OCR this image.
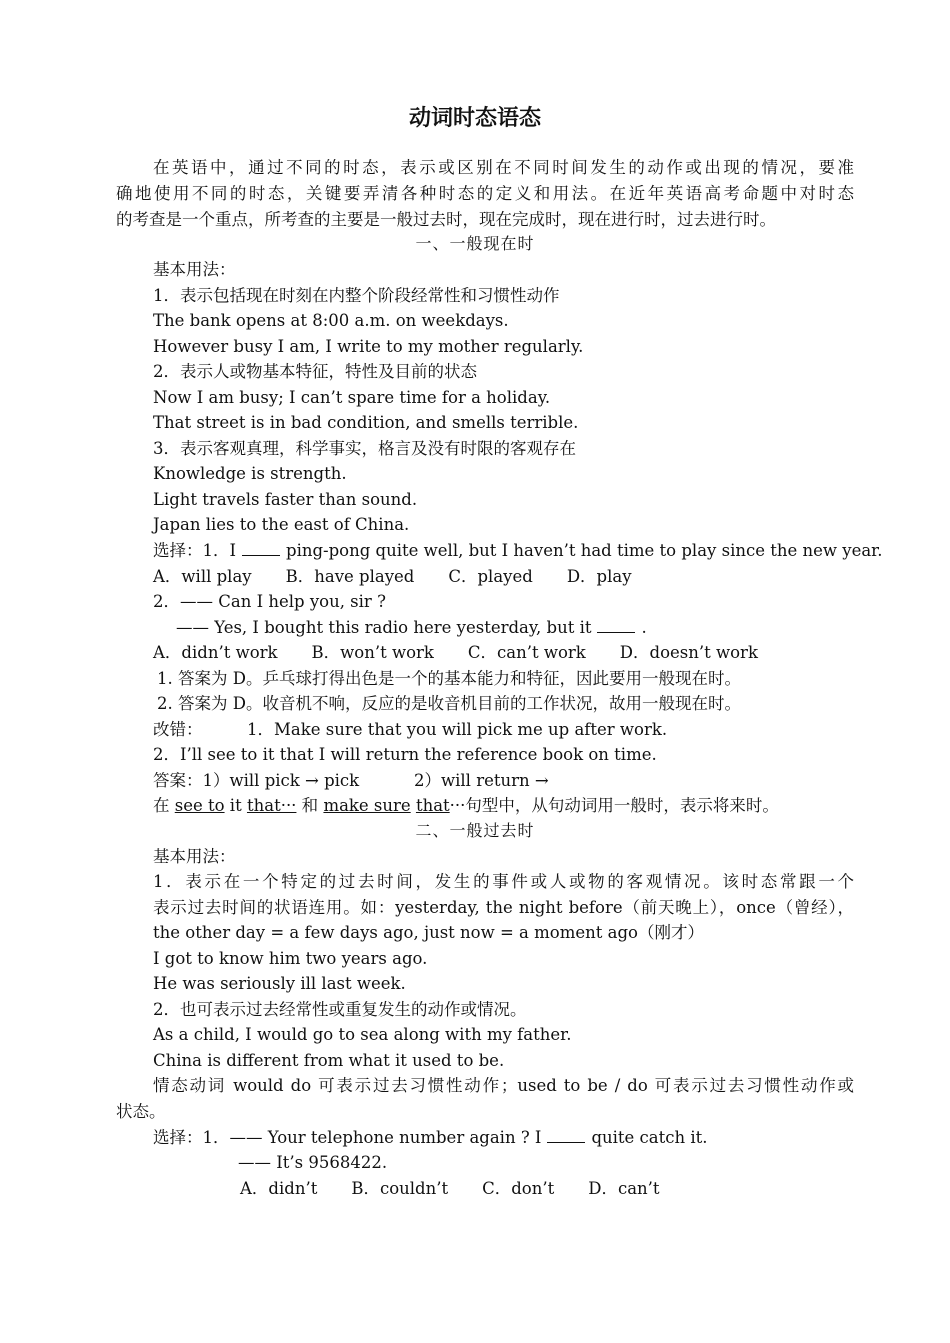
动词时态语态
在英语中，通过不同的时态，表示或区别在不同时间发生的动作或出现的情况，要准
确地使用不同的时态，关键要弄清各种时态的定义和用法。在近年英语高考命题中对时态
的考查是一个重点，所考查的主要是一般过去时，现在完成时，现在进行时，过去进行时。
一、一般现在时
基本用法：
1．表示包括现在时刻在内整个阶段经常性和习惯性动作
The bank opens at 8:00 a.m. on weekdays.
However busy I am, I write to my mother regularly.
2．表示人或物基本特征，特性及目前的状态
Now I am busy; I can’t spare time for a holiday.
That street is in bad condition, and smells terrible.
3．表示客观真理，科学事实，格言及没有时限的客观存在
Knowledge is strength.
Light travels faster than sound.
Japan lies to the east of China.
选择：1．I	ping-pong quite well, but I haven’t had time to play since the new year.
A．will play B．have played C．played D．play
2．—— Can I help you, sir ?
—— Yes, I bought this radio here yesterday, but it	.
A．didn’t work B．won’t work C．can’t work D．doesn’t work
1. 答案为 D。乒乓球打得出色是一个的基本能力和特征，因此要用一般现在时。
2. 答案为 D。收音机不响，反应的是收音机目前的工作状况，故用一般现在时。
改错：	1．Make sure that you will pick me up after work.
2．I’ll see to it that I will return the reference book on time.
答案：1）will pick → pick	2）will return →
在 see to it that··· 和 make sure that···句型中，从句动词用一般时，表示将来时。
二、一般过去时
基本用法：
1．表示在一个特定的过去时间，发生的事件或人或物的客观情况。该时态常跟一个
表示过去时间的状语连用。如：yesterday, the night before（前天晚上），once（曾经），
the other day = a few days ago, just now = a moment ago（刚才）
I got to know him two years ago.
He was seriously ill last week.
2．也可表示过去经常性或重复发生的动作或情况。
As a child, I would go to sea along with my father.
China is different from what it used to be.
情态动词 would do 可表示过去习惯性动作；used to be / do 可表示过去习惯性动作或
状态。
选择：1．—— Your telephone number again ? I	quite catch it.
—— It’s 9568422.
A．didn’t B．couldn’t C．don’t D．can’t
